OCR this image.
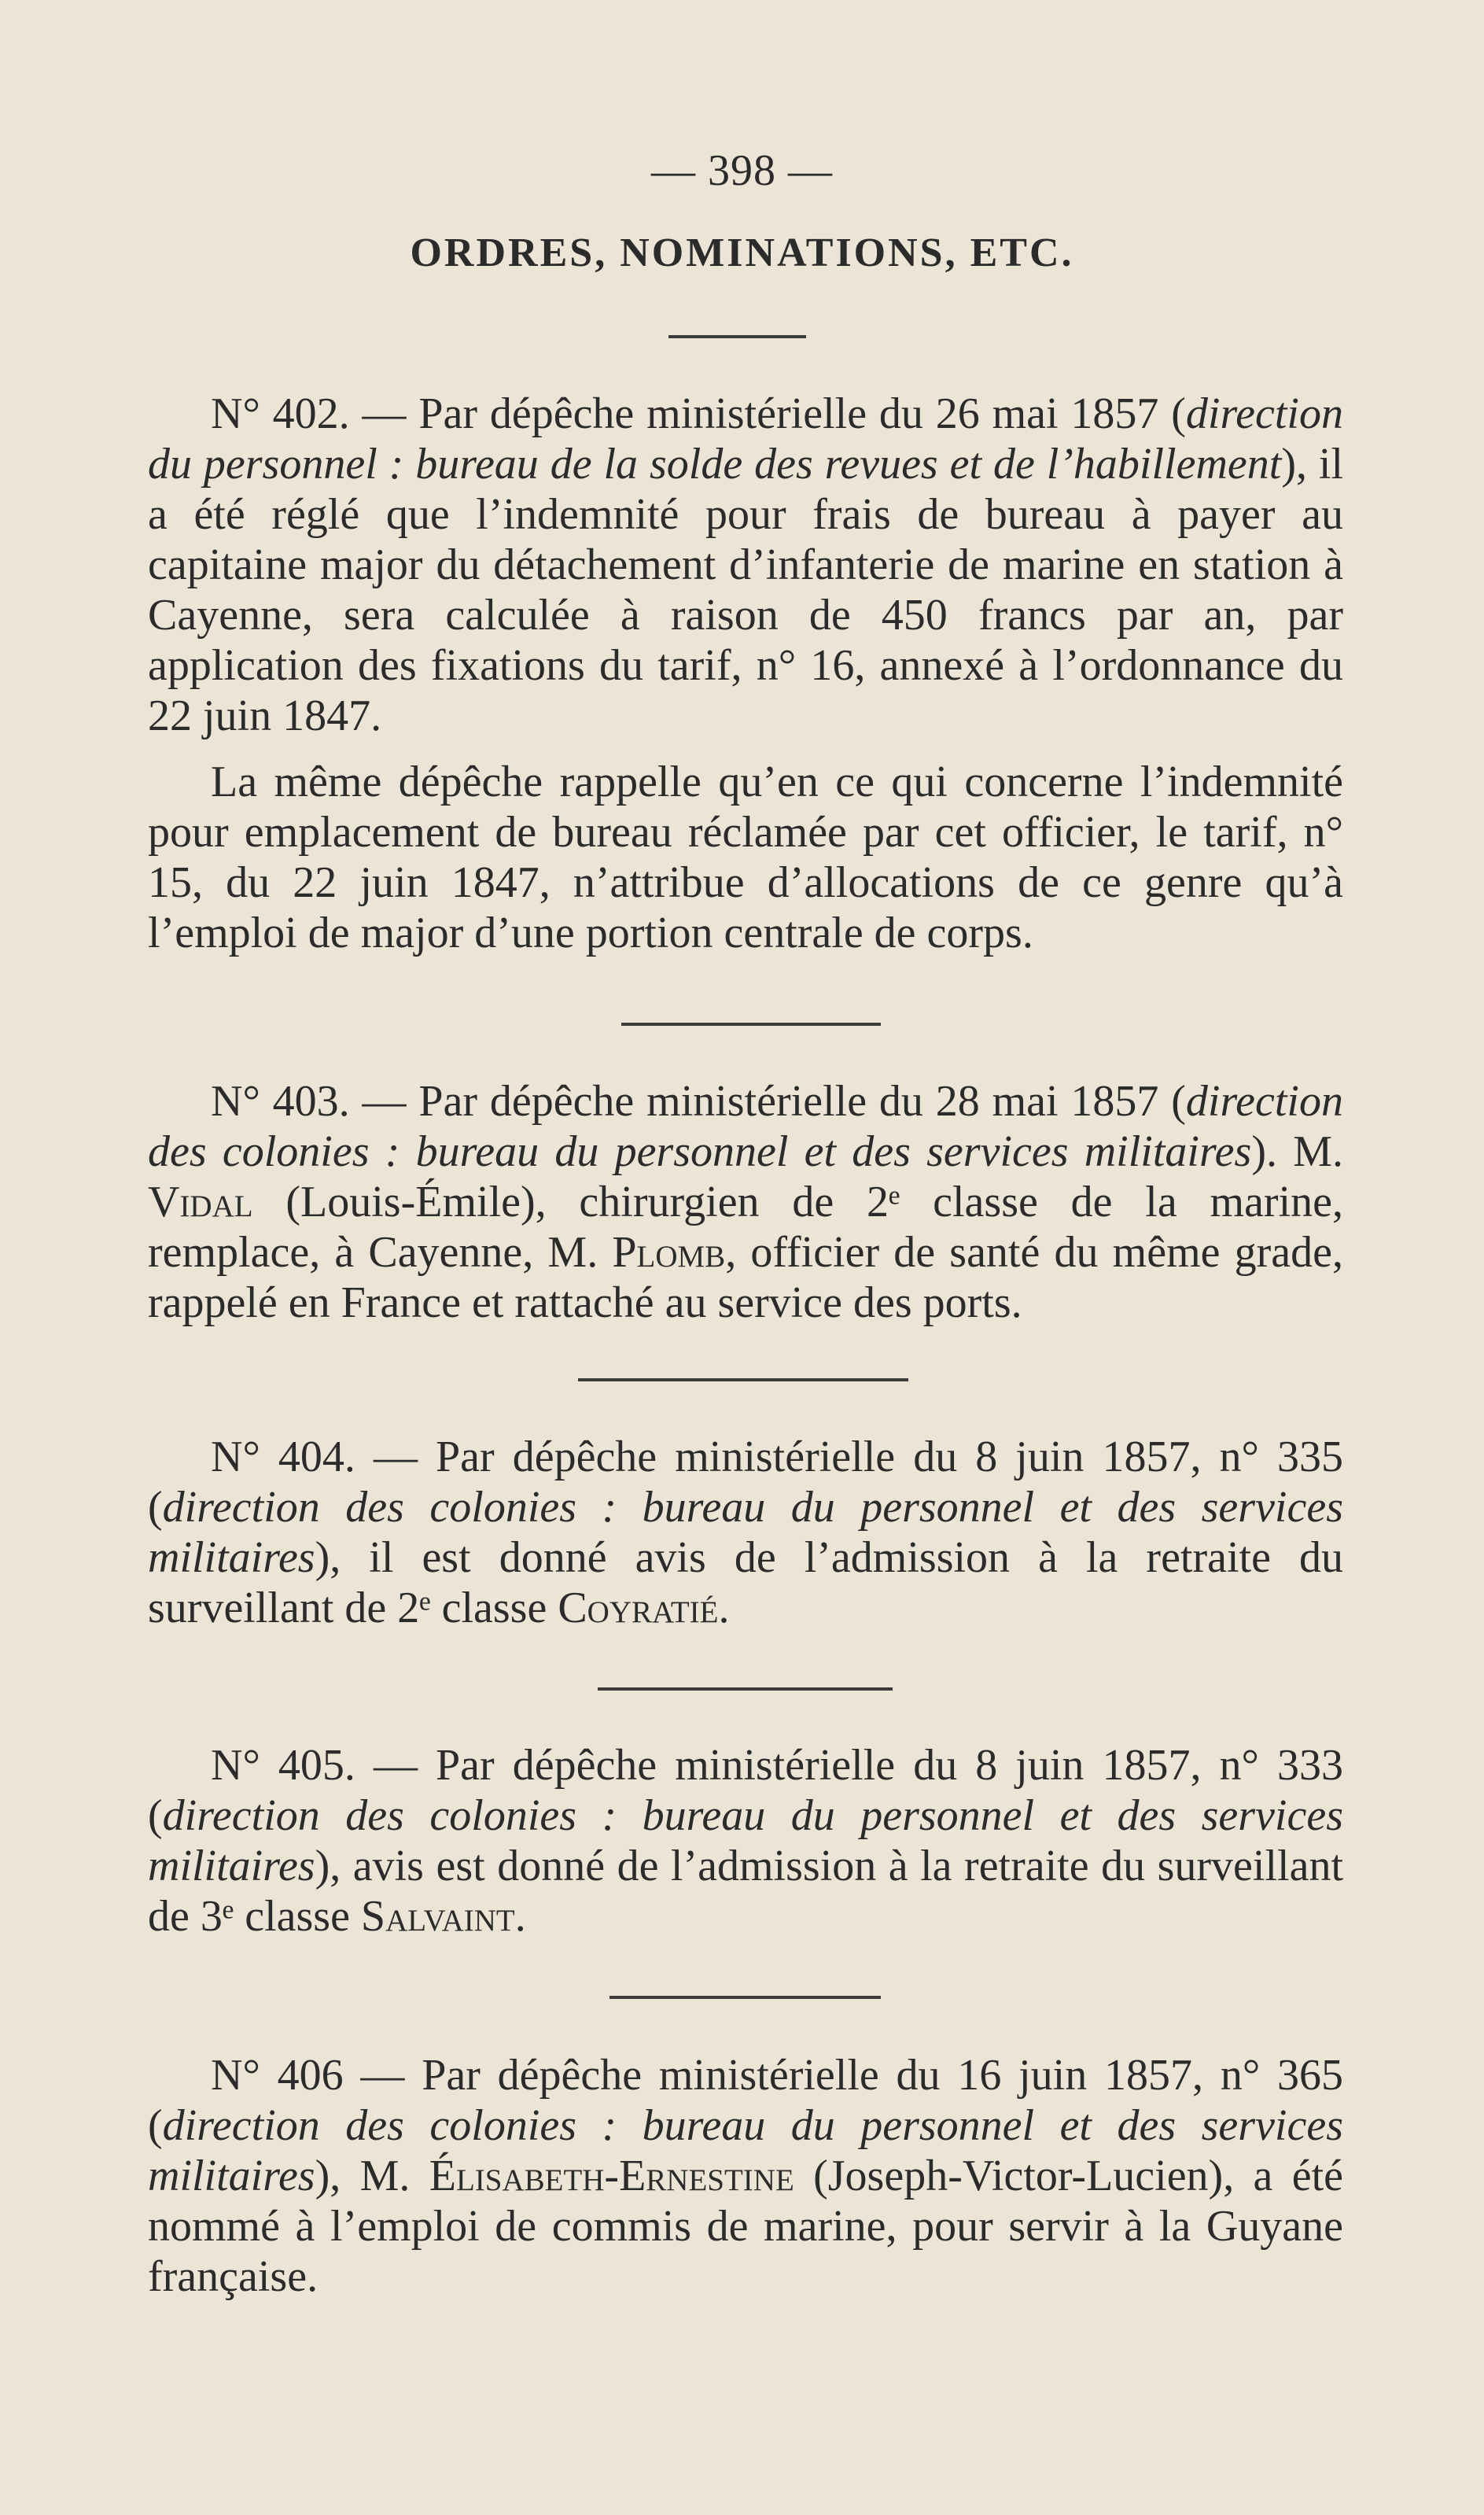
— 398 —
ORDRES, NOMINATIONS, ETC.

N° 402. — Par dépêche ministérielle du 26 mai 1857 (direction du personnel : bureau de la solde des revues et de l’habillement), il a été réglé que l’indemnité pour frais de bureau à payer au capitaine major du détachement d’infanterie de marine en station à Cayenne, sera calculée à raison de 450 francs par an, par application des fixations du tarif, n° 16, annexé à l’ordonnance du 22 juin 1847.

La même dépêche rappelle qu’en ce qui concerne l’indemnité pour emplacement de bureau réclamée par cet officier, le tarif, n° 15, du 22 juin 1847, n’attribue d’allocations de ce genre qu’à l’emploi de major d’une portion centrale de corps.

N° 403. — Par dépêche ministérielle du 28 mai 1857 (direction des colonies : bureau du personnel et des services militaires). M. Vidal (Louis-Émile), chirurgien de 2ᵉ classe de la marine, remplace, à Cayenne, M. Plomb, officier de santé du même grade, rappelé en France et rattaché au service des ports.

N° 404. — Par dépêche ministérielle du 8 juin 1857, n° 335 (direction des colonies : bureau du personnel et des services militaires), il est donné avis de l’admission à la retraite du surveillant de 2ᵉ classe Coyratié.

N° 405. — Par dépêche ministérielle du 8 juin 1857, n° 333 (direction des colonies : bureau du personnel et des services militaires), avis est donné de l’admission à la retraite du surveillant de 3ᵉ classe Salvaint.

N° 406 — Par dépêche ministérielle du 16 juin 1857, n° 365 (direction des colonies : bureau du personnel et des services militaires), M. Élisabeth-Ernestine (Joseph-Victor-Lucien), a été nommé à l’emploi de commis de marine, pour servir à la Guyane française.
